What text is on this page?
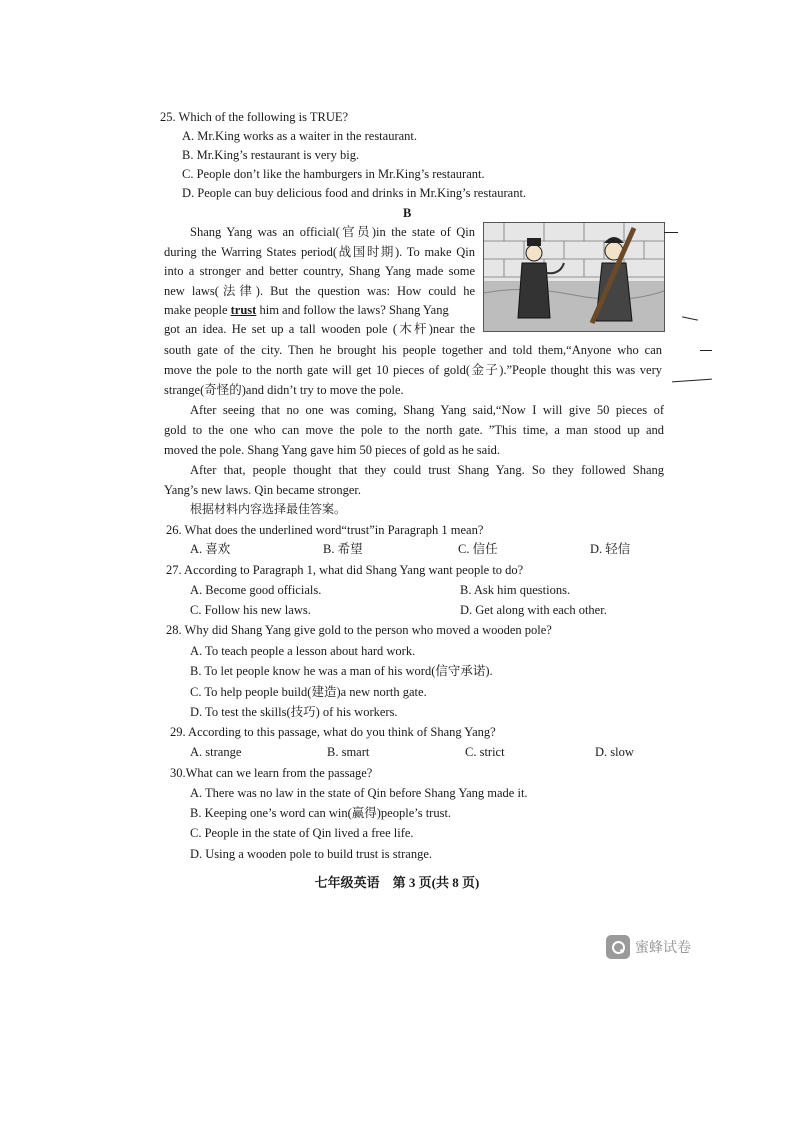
25. Which of the following is TRUE?
A. Mr.King works as a waiter in the restaurant.
B. Mr.King’s restaurant is very big.
C. People don’t like the hamburgers in Mr.King’s restaurant.
D. People can buy delicious food and drinks in Mr.King’s restaurant.
B
Shang Yang was an official(官员)in the state of Qin
during the Warring States period(战国时期). To make Qin
into a stronger and better country, Shang Yang made some
new laws(法律). But the question was: How could he
make people trust him and follow the laws? Shang Yang
got an idea. He set up a tall wooden pole (木杆)near the
south gate of the city. Then he brought his people together and told them,“Anyone who can
move the pole to the north gate will get 10 pieces of gold(金子).”People thought this was very
strange(奇怪的)and didn’t try to move the pole.
After seeing that no one was coming, Shang Yang said,“Now I will give 50 pieces of
gold to the one who can move the pole to the north gate. ”This time, a man stood up and
moved the pole. Shang Yang gave him 50 pieces of gold as he said.
After that, people thought that they could trust Shang Yang. So they followed Shang
Yang’s new laws. Qin became stronger.
根据材料内容选择最佳答案。
26. What does the underlined word“trust”in Paragraph 1 mean?
A. 喜欢	B. 希望	C. 信任	D. 轻信
27. According to Paragraph 1, what did Shang Yang want people to do?
A. Become good officials.	B. Ask him questions.
C. Follow his new laws.	D. Get along with each other.
28. Why did Shang Yang give gold to the person who moved a wooden pole?
A. To teach people a lesson about hard work.
B. To let people know he was a man of his word(信守承诺).
C. To help people build(建造)a new north gate.
D. To test the skills(技巧) of his workers.
29. According to this passage, what do you think of Shang Yang?
A. strange	B. smart	C. strict	D. slow
30.What can we learn from the passage?
A. There was no law in the state of Qin before Shang Yang made it.
B. Keeping one’s word can win(赢得)people’s trust.
C. People in the state of Qin lived a free life.
D. Using a wooden pole to build trust is strange.
七年级英语　第 3 页(共 8 页)
蜜蜂试卷
